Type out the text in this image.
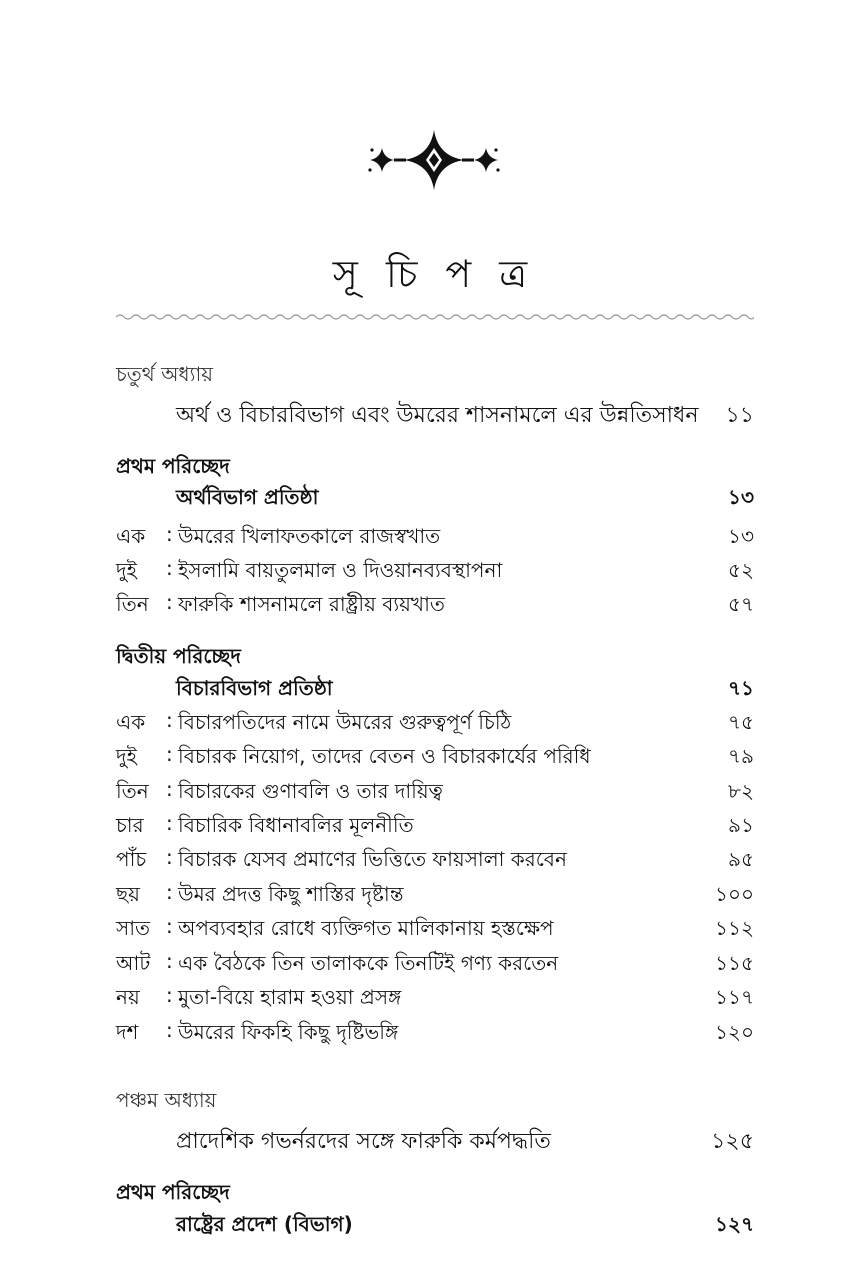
সূ চি প ত্র
চতুর্থ অধ্যায়
অর্থ ও বিচারবিভাগ এবং উমরের শাসনামলে এর উন্নতিসাধন ১১
প্রথম পরিচ্ছেদ
অর্থবিভাগ প্রতিষ্ঠা	১৩
এক	: উমরের খিলাফতকালে রাজস্বখাত	১৩
দুই	: ইসলামি বায়তুলমাল ও দিওয়ানব্যবস্থাপনা	৫২
তিন : ফারুকি শাসনামলে রাষ্ট্রীয় ব্যয়খাত	৫৭
দ্বিতীয় পরিচ্ছেদ
বিচারবিভাগ প্রতিষ্ঠা	৭১
এক	: বিচারপতিদের নামে উমরের গুরুত্বপূর্ণ চিঠি	৭৫
দুই	: বিচারক নিয়োগ, তাদের বেতন ও বিচারকার্যের পরিধি	৭৯
তিন : বিচারকের গুণাবলি ও তার দায়িত্ব	৮২
চার	: বিচারিক বিধানাবলির মূলনীতি	৯১
পাঁচ : বিচারক যেসব প্রমাণের ভিত্তিতে ফায়সালা করবেন	৯৫
ছয়	: উমর প্রদত্ত কিছু শাস্তির দৃষ্টান্ত	১০০
সাত : অপব্যবহার রোধে ব্যক্তিগত মালিকানায় হস্তক্ষেপ	১১২
আট : এক বৈঠকে তিন তালাককে তিনটিই গণ্য করতেন	১১৫
নয়	: মুতা-বিয়ে হারাম হওয়া প্রসঙ্গ	১১৭
দশ	: উমরের ফিকহি কিছু দৃষ্টিভঙ্গি	১২০
পঞ্চম অধ্যায়
প্রাদেশিক গভর্নরদের সঙ্গে ফারুকি কর্মপদ্ধতি	১২৫
প্রথম পরিচ্ছেদ
রাষ্ট্রের প্রদেশ (বিভাগ)	১২৭
